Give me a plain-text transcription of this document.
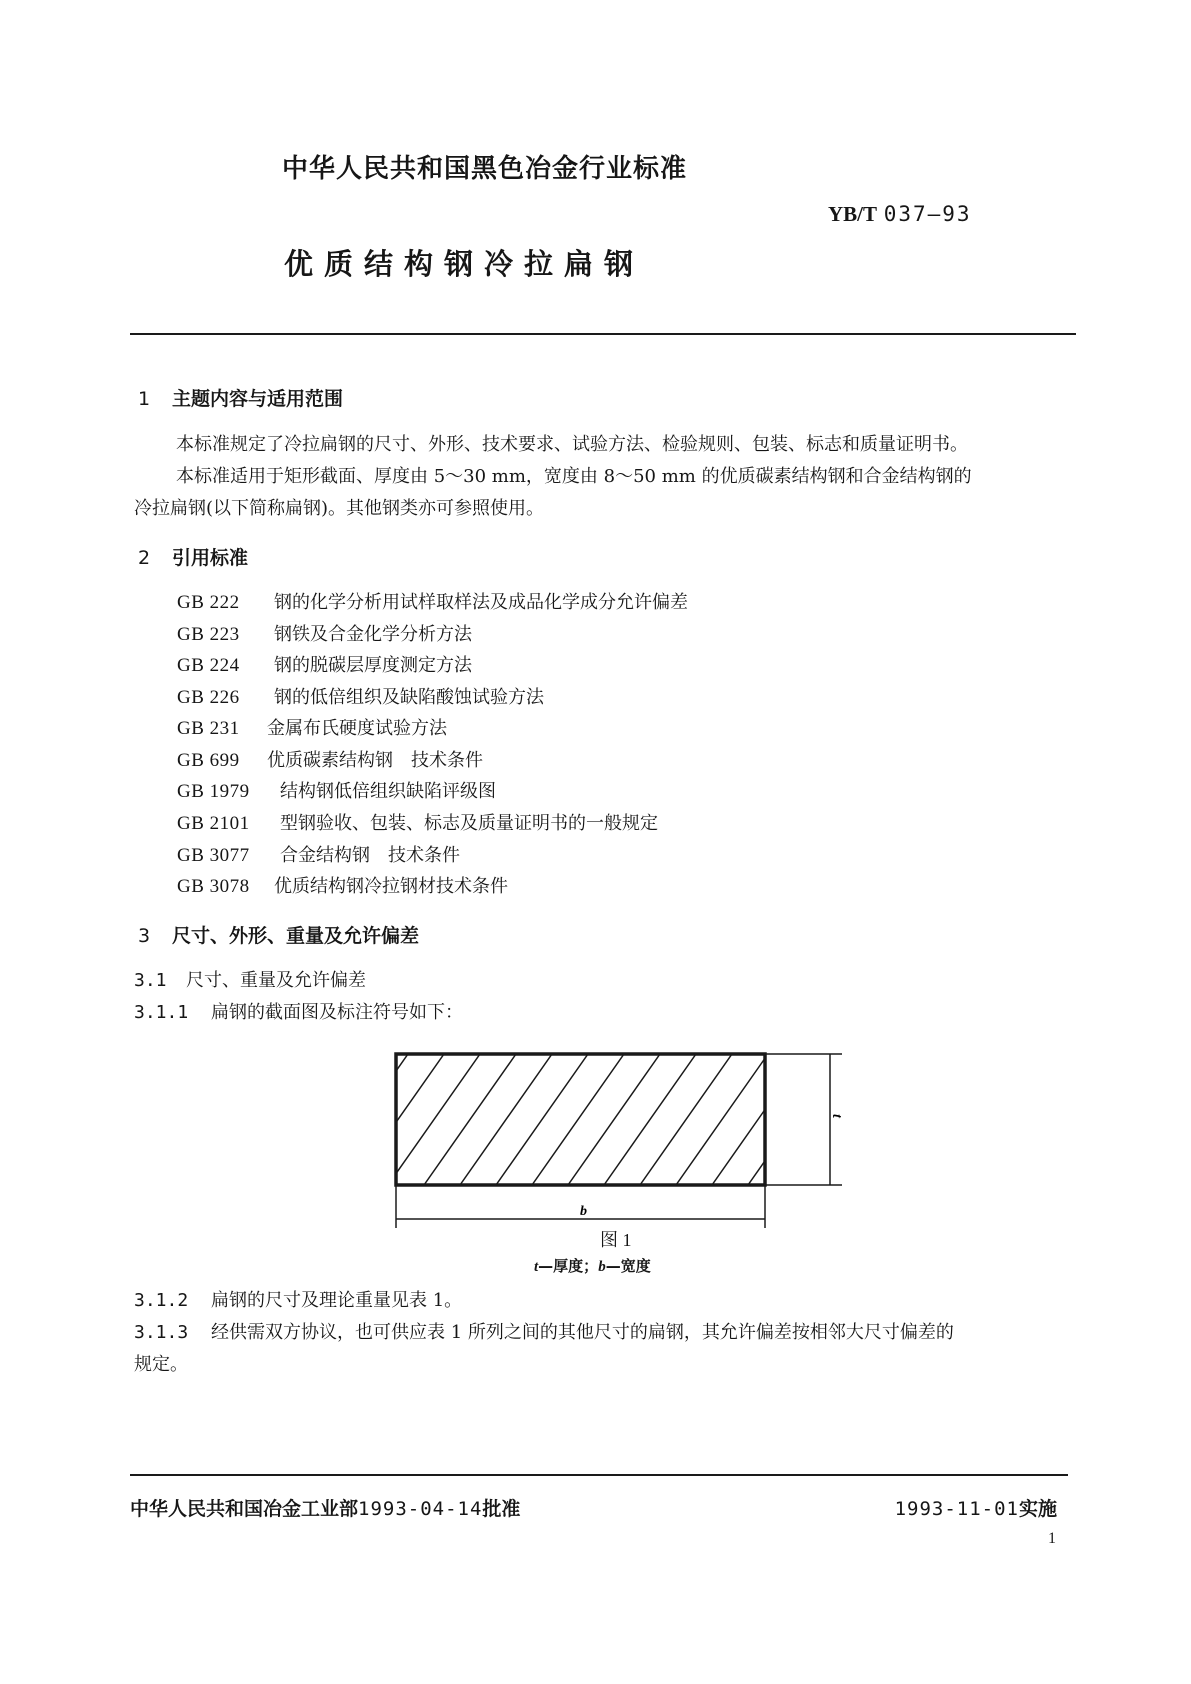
中华人民共和国黑色冶金行业标准
YB/T 037—93
优质结构钢冷拉扁钢
1 主题内容与适用范围
本标准规定了冷拉扁钢的尺寸、外形、技术要求、试验方法、检验规则、包装、标志和质量证明书。
本标准适用于矩形截面、厚度由 5～30 mm，宽度由 8～50 mm 的优质碳素结构钢和合金结构钢的
冷拉扁钢(以下简称扁钢)。其他钢类亦可参照使用。
2 引用标准
GB 222 钢的化学分析用试样取样法及成品化学成分允许偏差
GB 223 钢铁及合金化学分析方法
GB 224 钢的脱碳层厚度测定方法
GB 226 钢的低倍组织及缺陷酸蚀试验方法
GB 231 金属布氏硬度试验方法
GB 699 优质碳素结构钢　技术条件
GB 1979 结构钢低倍组织缺陷评级图
GB 2101 型钢验收、包装、标志及质量证明书的一般规定
GB 3077 合金结构钢　技术条件
GB 3078 优质结构钢冷拉钢材技术条件
3 尺寸、外形、重量及允许偏差
3.1 尺寸、重量及允许偏差
3.1.1 扁钢的截面图及标注符号如下：
b
t
图 1
t—厚度；b—宽度
3.1.2 扁钢的尺寸及理论重量见表 1。
3.1.3 经供需双方协议，也可供应表 1 所列之间的其他尺寸的扁钢，其允许偏差按相邻大尺寸偏差的
规定。
中华人民共和国冶金工业部1993-04-14批准	1993-11-01实施
1
